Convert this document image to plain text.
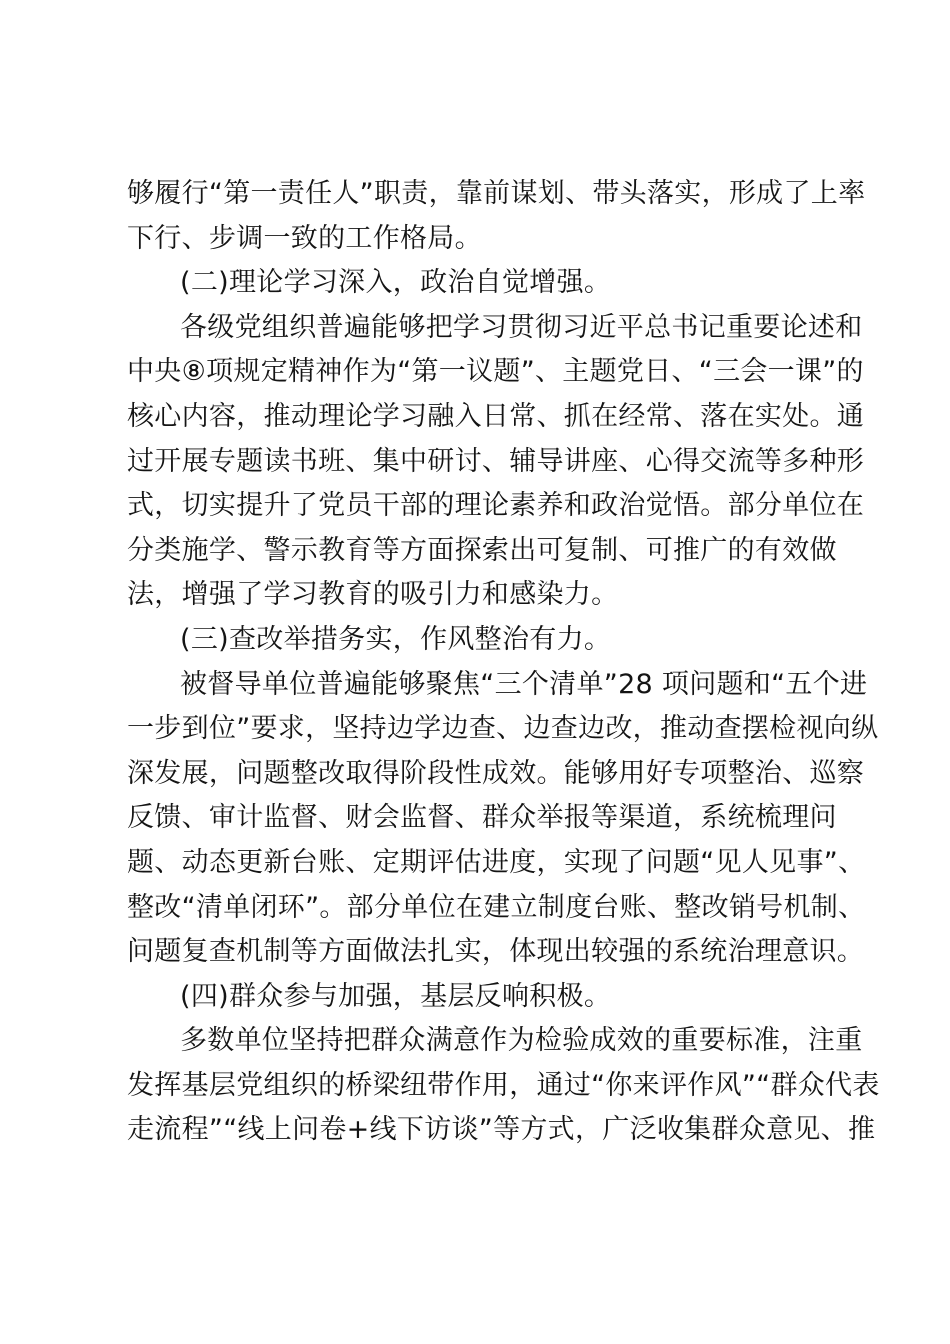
够履行“第一责任人”职责，靠前谋划、带头落实，形成了上率
下行、步调一致的工作格局。
(二)理论学习深入，政治自觉增强。
各级党组织普遍能够把学习贯彻习近平总书记重要论述和
中央⑧项规定精神作为“第一议题”、主题党日、“三会一课”的
核心内容，推动理论学习融入日常、抓在经常、落在实处。通
过开展专题读书班、集中研讨、辅导讲座、心得交流等多种形
式，切实提升了党员干部的理论素养和政治觉悟。部分单位在
分类施学、警示教育等方面探索出可复制、可推广的有效做
法，增强了学习教育的吸引力和感染力。
(三)查改举措务实，作风整治有力。
被督导单位普遍能够聚焦“三个清单”28 项问题和“五个进
一步到位”要求，坚持边学边查、边查边改，推动查摆检视向纵
深发展，问题整改取得阶段性成效。能够用好专项整治、巡察
反馈、审计监督、财会监督、群众举报等渠道，系统梳理问
题、动态更新台账、定期评估进度，实现了问题“见人见事”、
整改“清单闭环”。部分单位在建立制度台账、整改销号机制、
问题复查机制等方面做法扎实，体现出较强的系统治理意识。
(四)群众参与加强，基层反响积极。
多数单位坚持把群众满意作为检验成效的重要标准，注重
发挥基层党组织的桥梁纽带作用，通过“你来评作风”“群众代表
走流程”“线上问卷+线下访谈”等方式，广泛收集群众意见、推
